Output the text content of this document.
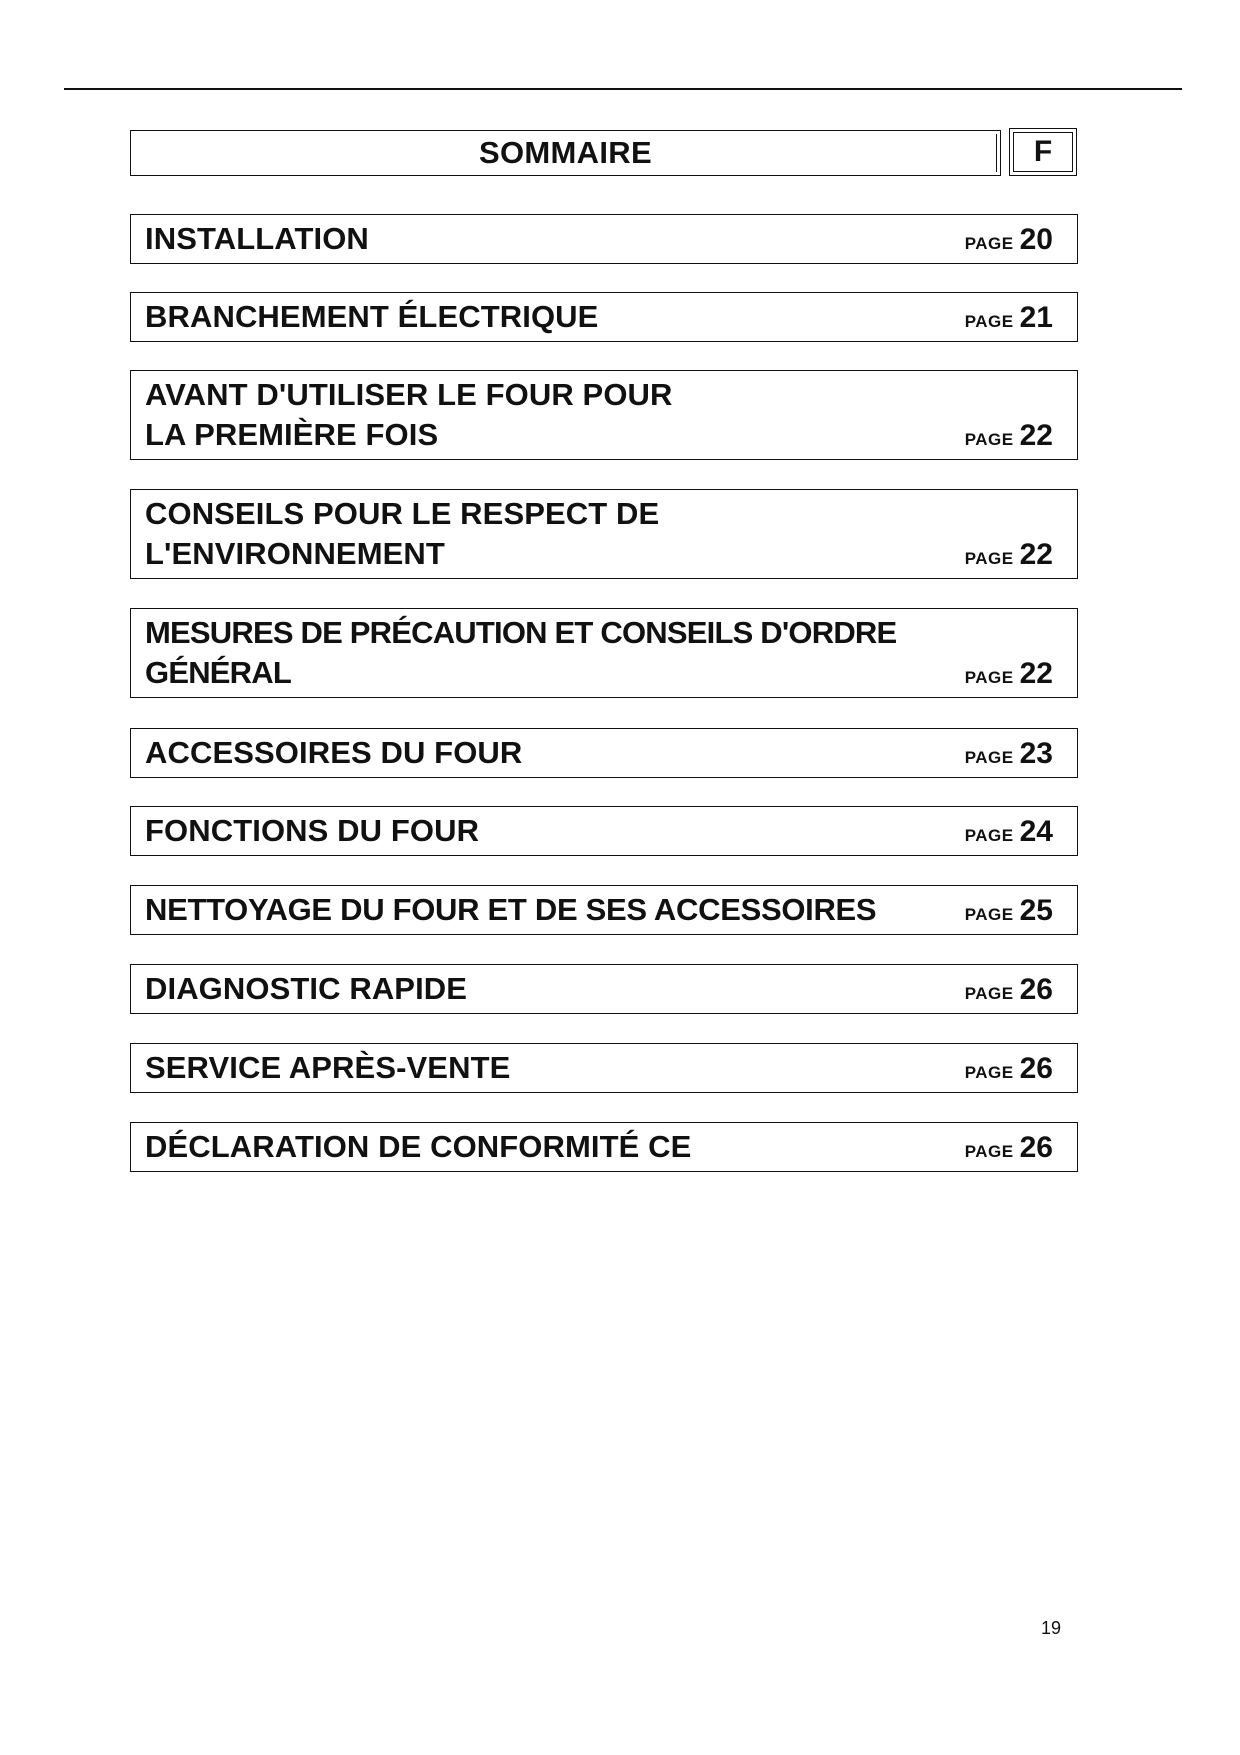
SOMMAIRE	F
INSTALLATION	PAGE 20
BRANCHEMENT ÉLECTRIQUE	PAGE 21
AVANT D'UTILISER LE FOUR POUR
LA PREMIÈRE FOIS	PAGE 22
CONSEILS POUR LE RESPECT DE
L'ENVIRONNEMENT	PAGE 22
MESURES DE PRÉCAUTION ET CONSEILS D'ORDRE
GÉNÉRAL	PAGE 22
ACCESSOIRES DU FOUR	PAGE 23
FONCTIONS DU FOUR	PAGE 24
NETTOYAGE DU FOUR ET DE SES ACCESSOIRES	PAGE 25
DIAGNOSTIC RAPIDE	PAGE 26
SERVICE APRÈS-VENTE	PAGE 26
DÉCLARATION DE CONFORMITÉ CE	PAGE 26
19
